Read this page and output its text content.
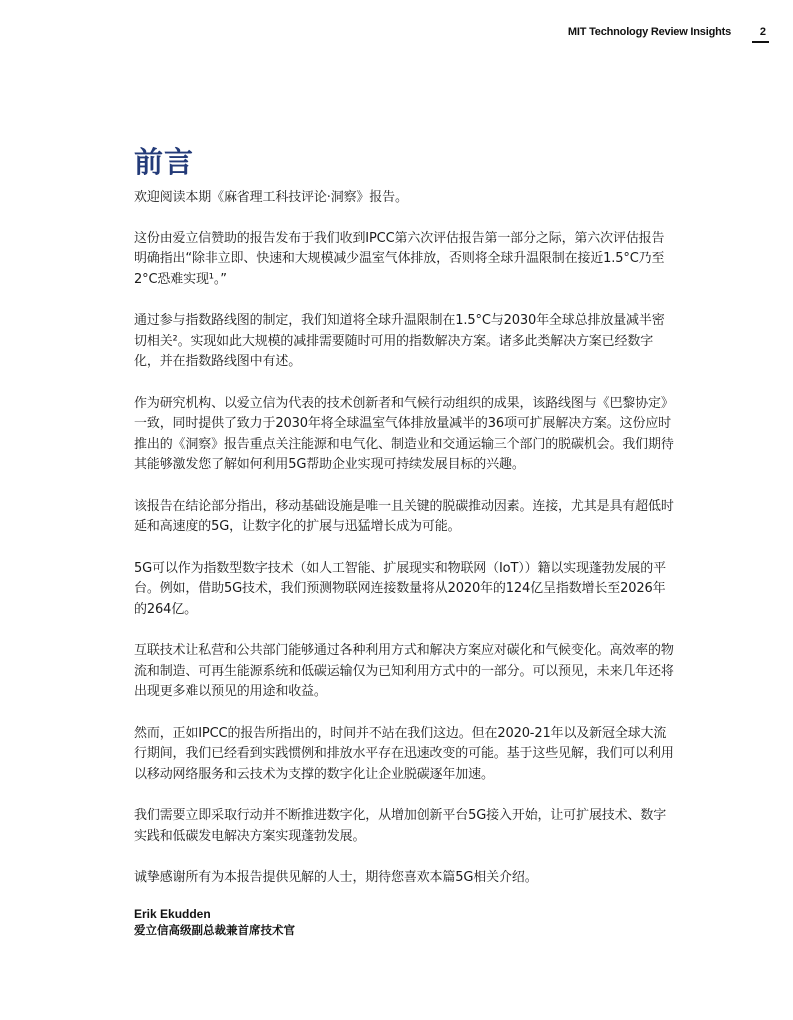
MIT Technology Review Insights	2
前言

欢迎阅读本期《麻省理工科技评论·洞察》报告。

这份由爱立信赞助的报告发布于我们收到IPCC第六次评估报告第一部分之际，第六次评估报告明确指出“除非立即、快速和大规模减少温室气体排放，否则将全球升温限制在接近1.5°C乃至2°C恐难实现¹。”

通过参与指数路线图的制定，我们知道将全球升温限制在1.5°C与2030年全球总排放量减半密切相关²。实现如此大规模的减排需要随时可用的指数解决方案。诸多此类解决方案已经数字化，并在指数路线图中有述。

作为研究机构、以爱立信为代表的技术创新者和气候行动组织的成果，该路线图与《巴黎协定》一致，同时提供了致力于2030年将全球温室气体排放量减半的36项可扩展解决方案。这份应时推出的《洞察》报告重点关注能源和电气化、制造业和交通运输三个部门的脱碳机会。我们期待其能够激发您了解如何利用5G帮助企业实现可持续发展目标的兴趣。

该报告在结论部分指出，移动基础设施是唯一且关键的脱碳推动因素。连接，尤其是具有超低时延和高速度的5G，让数字化的扩展与迅猛增长成为可能。

5G可以作为指数型数字技术（如人工智能、扩展现实和物联网（IoT））籍以实现蓬勃发展的平台。例如，借助5G技术，我们预测物联网连接数量将从2020年的124亿呈指数增长至2026年的264亿。

互联技术让私营和公共部门能够通过各种利用方式和解决方案应对碳化和气候变化。高效率的物流和制造、可再生能源系统和低碳运输仅为已知利用方式中的一部分。可以预见，未来几年还将出现更多难以预见的用途和收益。

然而，正如IPCC的报告所指出的，时间并不站在我们这边。但在2020-21年以及新冠全球大流行期间，我们已经看到实践惯例和排放水平存在迅速改变的可能。基于这些见解，我们可以利用以移动网络服务和云技术为支撑的数字化让企业脱碳逐年加速。

我们需要立即采取行动并不断推进数字化，从增加创新平台5G接入开始，让可扩展技术、数字实践和低碳发电解决方案实现蓬勃发展。

诚挚感谢所有为本报告提供见解的人士，期待您喜欢本篇5G相关介绍。

Erik Ekudden
爱立信高级副总裁兼首席技术官
